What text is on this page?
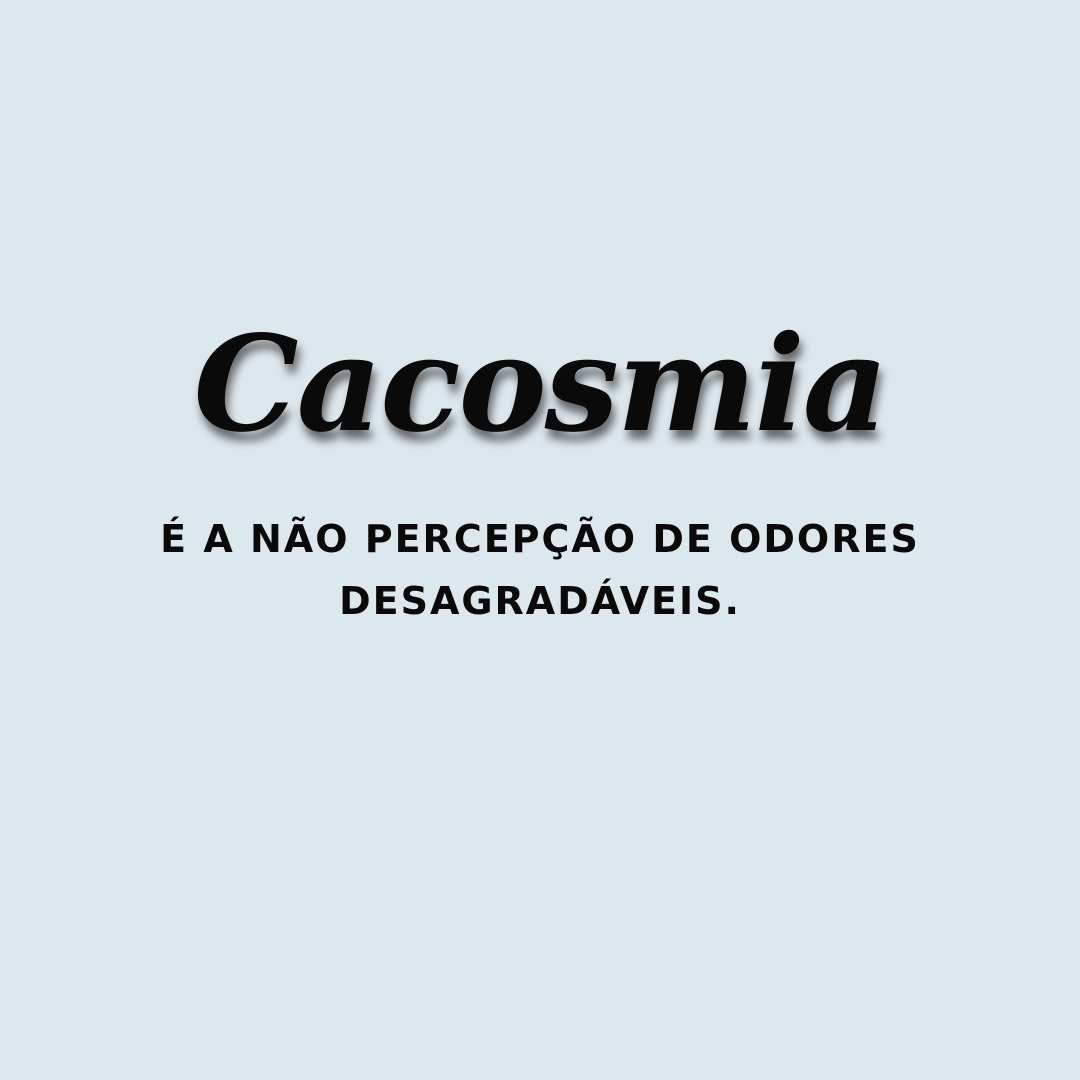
Cacosmia
É A NÃO PERCEPÇÃO DE ODORES
DESAGRADÁVEIS.
